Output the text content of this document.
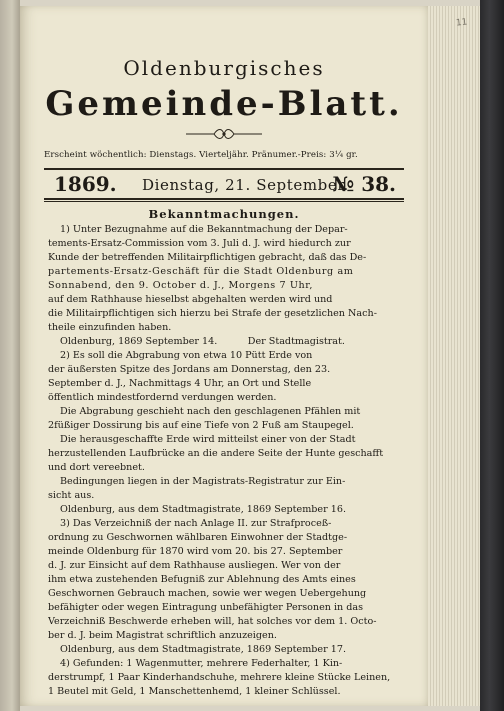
11
Oldenburgisches
Gemeinde-Blatt.
Erscheint wöchentlich: Dienstags. Vierteljähr. Pränumer.-Preis: 3¼ gr.
1869. Dienstag, 21. September.
№ 38.
Bekanntmachungen.
1) Unter Bezugnahme auf die Bekanntmachung der Depar-
tements-Ersatz-Commission vom 3. Juli d. J. wird hiedurch zur
Kunde der betreffenden Militairpflichtigen gebracht, daß das De-
partements-Ersatz-Geschäft für die Stadt Oldenburg am
Sonnabend, den 9. October d. J., Morgens 7 Uhr,
auf dem Rathhause hieselbst abgehalten werden wird und
die Militairpflichtigen sich hierzu bei Strafe der gesetzlichen Nach-
theile einzufinden haben.
Oldenburg, 1869 September 14.          Der Stadtmagistrat.
2) Es soll die Abgrabung von etwa 10 Pütt Erde von
der äußersten Spitze des Jordans am Donnerstag, den 23.
September d. J., Nachmittags 4 Uhr, an Ort und Stelle
öffentlich mindestfordernd verdungen werden.
Die Abgrabung geschieht nach den geschlagenen Pfählen mit
2füßiger Dossirung bis auf eine Tiefe von 2 Fuß am Staupegel.
Die herausgeschaffte Erde wird mitteilst einer von der Stadt
herzustellenden Laufbrücke an die andere Seite der Hunte geschafft
und dort vereebnet.
Bedingungen liegen in der Magistrats-Registratur zur Ein-
sicht aus.
Oldenburg, aus dem Stadtmagistrate, 1869 September 16.
3) Das Verzeichniß der nach Anlage II. zur Strafproceß-
ordnung zu Geschwornen wählbaren Einwohner der Stadtge-
meinde Oldenburg für 1870 wird vom 20. bis 27. September
d. J. zur Einsicht auf dem Rathhause ausliegen. Wer von der
ihm etwa zustehenden Befugniß zur Ablehnung des Amts eines
Geschwornen Gebrauch machen, sowie wer wegen Uebergehung
befähigter oder wegen Eintragung unbefähigter Personen in das
Verzeichniß Beschwerde erheben will, hat solches vor dem 1. Octo-
ber d. J. beim Magistrat schriftlich anzuzeigen.
Oldenburg, aus dem Stadtmagistrate, 1869 September 17.
4) Gefunden: 1 Wagenmutter, mehrere Federhalter, 1 Kin-
derstrumpf, 1 Paar Kinderhandschuhe, mehrere kleine Stücke Leinen,
1 Beutel mit Geld, 1 Manschettenhemd, 1 kleiner Schlüssel.
